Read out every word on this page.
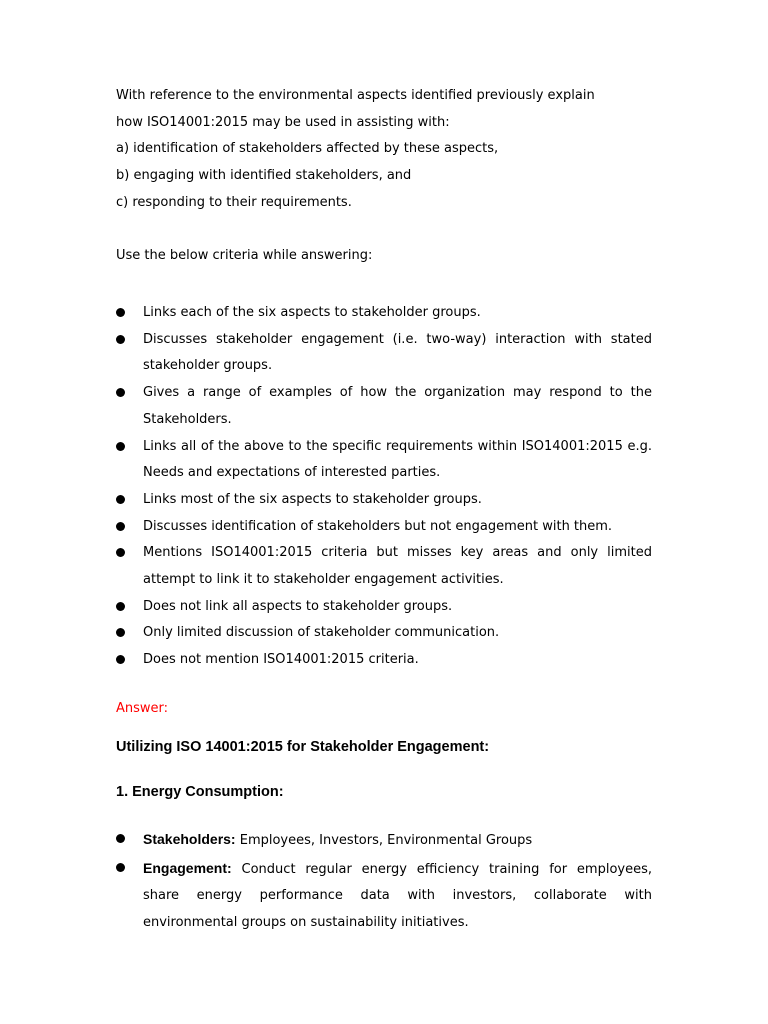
With reference to the environmental aspects identified previously explain
how ISO14001:2015 may be used in assisting with:
a) identification of stakeholders affected by these aspects,
b) engaging with identified stakeholders, and
c) responding to their requirements.
Use the below criteria while answering:
Links each of the six aspects to stakeholder groups.
Discusses stakeholder engagement (i.e. two-way) interaction with stated stakeholder groups.
Gives a range of examples of how the organization may respond to the Stakeholders.
Links all of the above to the specific requirements within ISO14001:2015 e.g. Needs and expectations of interested parties.
Links most of the six aspects to stakeholder groups.
Discusses identification of stakeholders but not engagement with them.
Mentions ISO14001:2015 criteria but misses key areas and only limited attempt to link it to stakeholder engagement activities.
Does not link all aspects to stakeholder groups.
Only limited discussion of stakeholder communication.
Does not mention ISO14001:2015 criteria.
Answer:
Utilizing ISO 14001:2015 for Stakeholder Engagement:
1. Energy Consumption:
Stakeholders: Employees, Investors, Environmental Groups
Engagement: Conduct regular energy efficiency training for employees, share energy performance data with investors, collaborate with environmental groups on sustainability initiatives.
